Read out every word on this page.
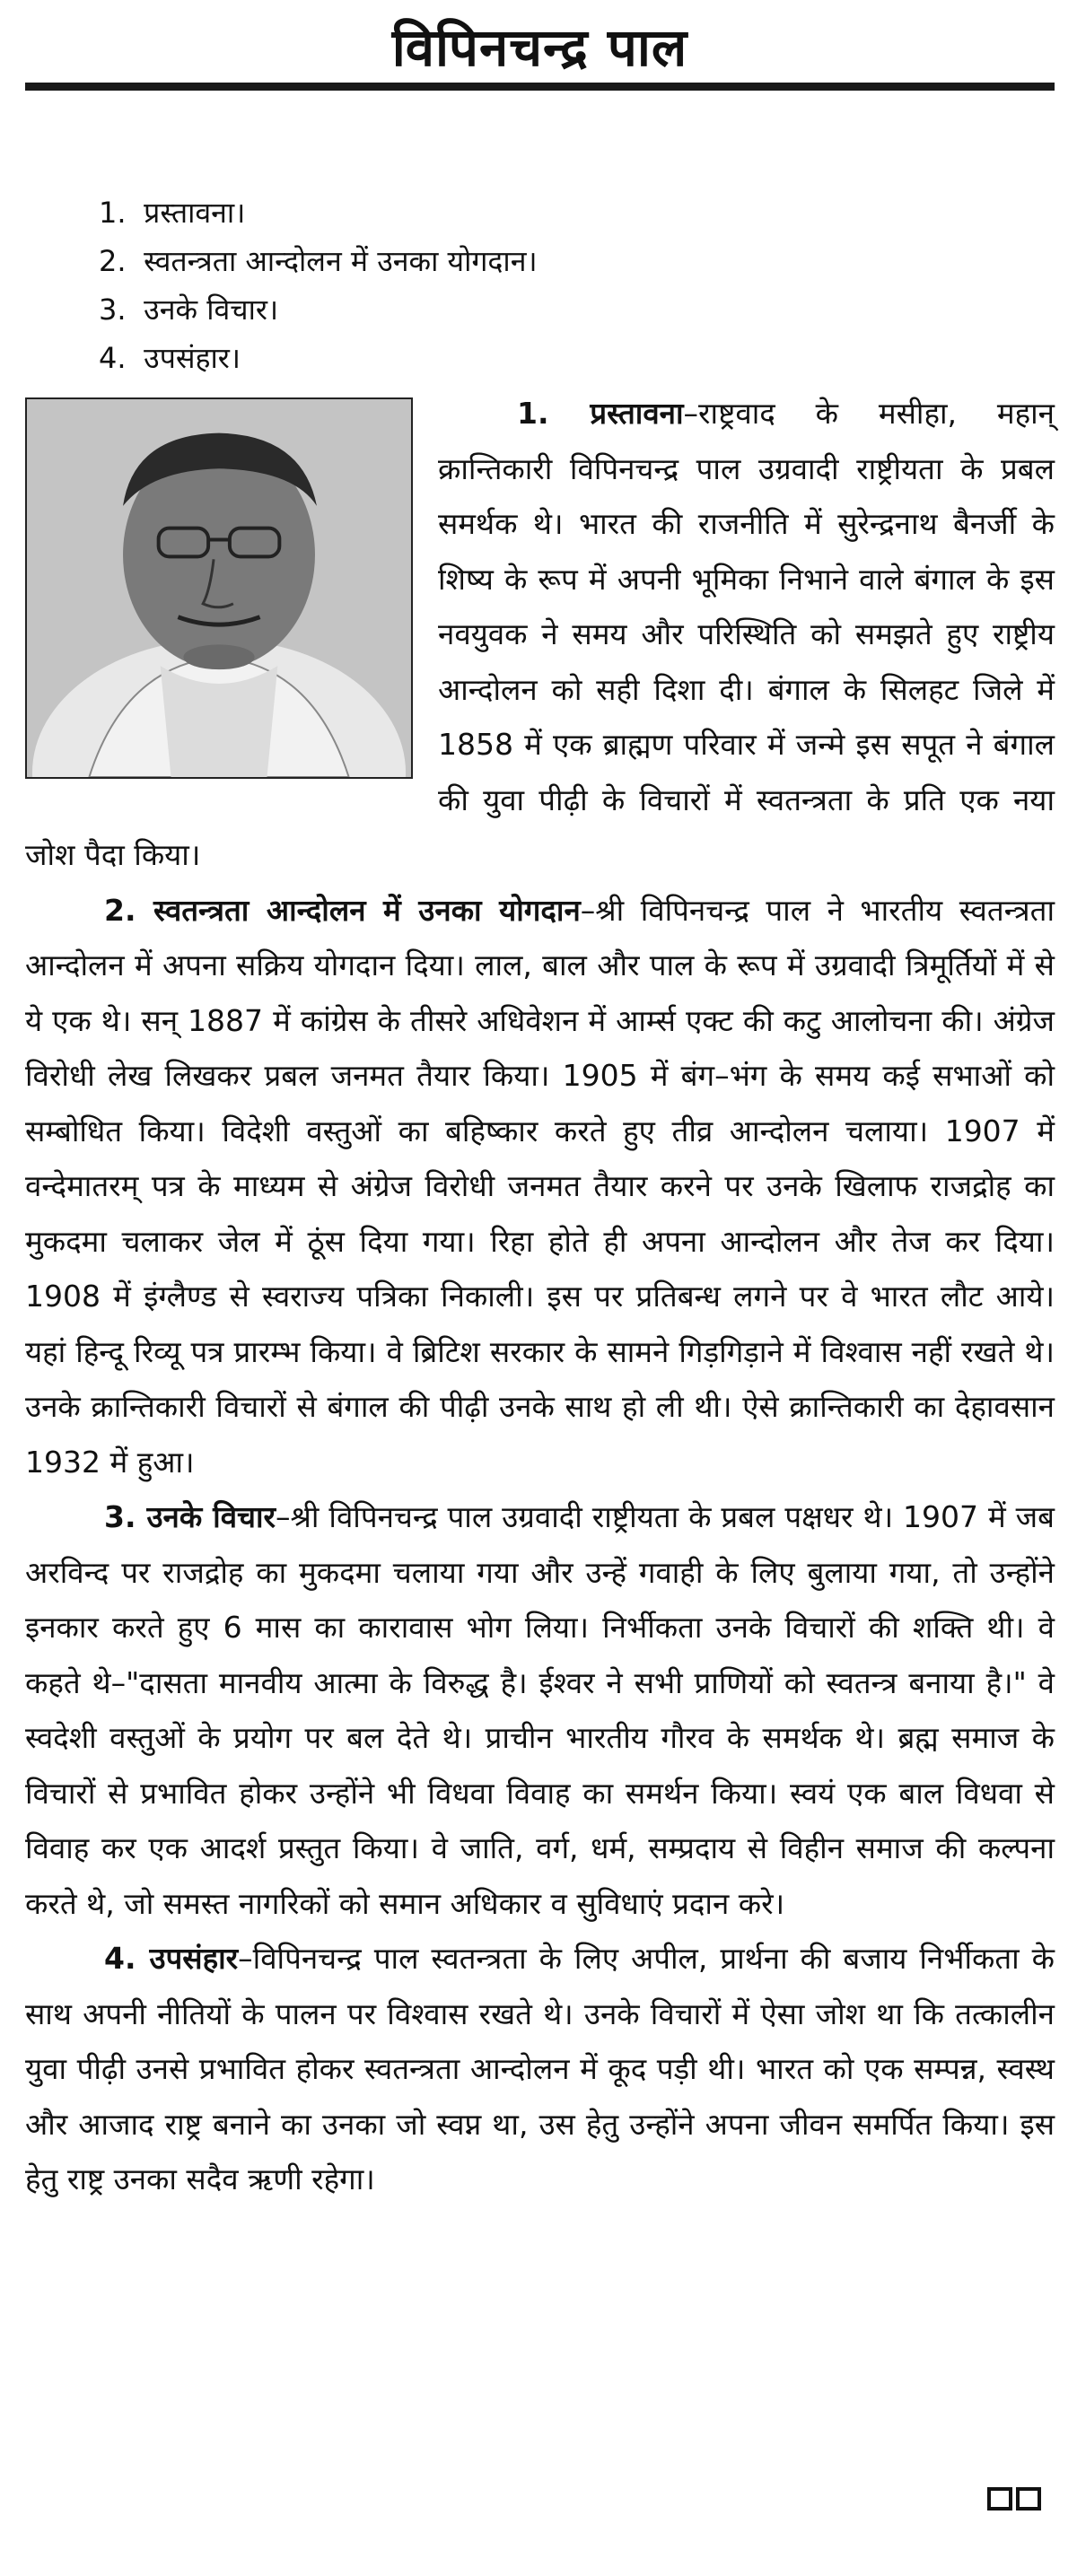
विपिनचन्द्र पाल
1. प्रस्तावना।
2. स्वतन्त्रता आन्दोलन में उनका योगदान।
3. उनके विचार।
4. उपसंहार।

1. प्रस्तावना–राष्ट्रवाद के मसीहा, महान् क्रान्तिकारी विपिनचन्द्र पाल उग्रवादी राष्ट्रीयता के प्रबल समर्थक थे। भारत की राजनीति में सुरेन्द्रनाथ बैनर्जी के शिष्य के रूप में अपनी भूमिका निभाने वाले बंगाल के इस नवयुवक ने समय और परिस्थिति को समझते हुए राष्ट्रीय आन्दोलन को सही दिशा दी। बंगाल के सिलहट जिले में 1858 में एक ब्राह्मण परिवार में जन्मे इस सपूत ने बंगाल की युवा पीढ़ी के विचारों में स्वतन्त्रता के प्रति एक नया जोश पैदा किया।

2. स्वतन्त्रता आन्दोलन में उनका योगदान–श्री विपिनचन्द्र पाल ने भारतीय स्वतन्त्रता आन्दोलन में अपना सक्रिय योगदान दिया। लाल, बाल और पाल के रूप में उग्रवादी त्रिमूर्तियों में से ये एक थे। सन् 1887 में कांग्रेस के तीसरे अधिवेशन में आर्म्स एक्ट की कटु आलोचना की। अंग्रेज विरोधी लेख लिखकर प्रबल जनमत तैयार किया। 1905 में बंग–भंग के समय कई सभाओं को सम्बोधित किया। विदेशी वस्तुओं का बहिष्कार करते हुए तीव्र आन्दोलन चलाया। 1907 में वन्देमातरम् पत्र के माध्यम से अंग्रेज विरोधी जनमत तैयार करने पर उनके खिलाफ राजद्रोह का मुकदमा चलाकर जेल में ठूंस दिया गया। रिहा होते ही अपना आन्दोलन और तेज कर दिया। 1908 में इंग्लैण्ड से स्वराज्य पत्रिका निकाली। इस पर प्रतिबन्ध लगने पर वे भारत लौट आये। यहां हिन्दू रिव्यू पत्र प्रारम्भ किया। वे ब्रिटिश सरकार के सामने गिड़गिड़ाने में विश्वास नहीं रखते थे। उनके क्रान्तिकारी विचारों से बंगाल की पीढ़ी उनके साथ हो ली थी। ऐसे क्रान्तिकारी का देहावसान 1932 में हुआ।

3. उनके विचार–श्री विपिनचन्द्र पाल उग्रवादी राष्ट्रीयता के प्रबल पक्षधर थे। 1907 में जब अरविन्द पर राजद्रोह का मुकदमा चलाया गया और उन्हें गवाही के लिए बुलाया गया, तो उन्होंने इनकार करते हुए 6 मास का कारावास भोग लिया। निर्भीकता उनके विचारों की शक्ति थी। वे कहते थे–"दासता मानवीय आत्मा के विरुद्ध है। ईश्वर ने सभी प्राणियों को स्वतन्त्र बनाया है।" वे स्वदेशी वस्तुओं के प्रयोग पर बल देते थे। प्राचीन भारतीय गौरव के समर्थक थे। ब्रह्म समाज के विचारों से प्रभावित होकर उन्होंने भी विधवा विवाह का समर्थन किया। स्वयं एक बाल विधवा से विवाह कर एक आदर्श प्रस्तुत किया। वे जाति, वर्ग, धर्म, सम्प्रदाय से विहीन समाज की कल्पना करते थे, जो समस्त नागरिकों को समान अधिकार व सुविधाएं प्रदान करे।

4. उपसंहार–विपिनचन्द्र पाल स्वतन्त्रता के लिए अपील, प्रार्थना की बजाय निर्भीकता के साथ अपनी नीतियों के पालन पर विश्वास रखते थे। उनके विचारों में ऐसा जोश था कि तत्कालीन युवा पीढ़ी उनसे प्रभावित होकर स्वतन्त्रता आन्दोलन में कूद पड़ी थी। भारत को एक सम्पन्न, स्वस्थ और आजाद राष्ट्र बनाने का उनका जो स्वप्न था, उस हेतु उन्होंने अपना जीवन समर्पित किया। इस हेतु राष्ट्र उनका सदैव ऋणी रहेगा।
